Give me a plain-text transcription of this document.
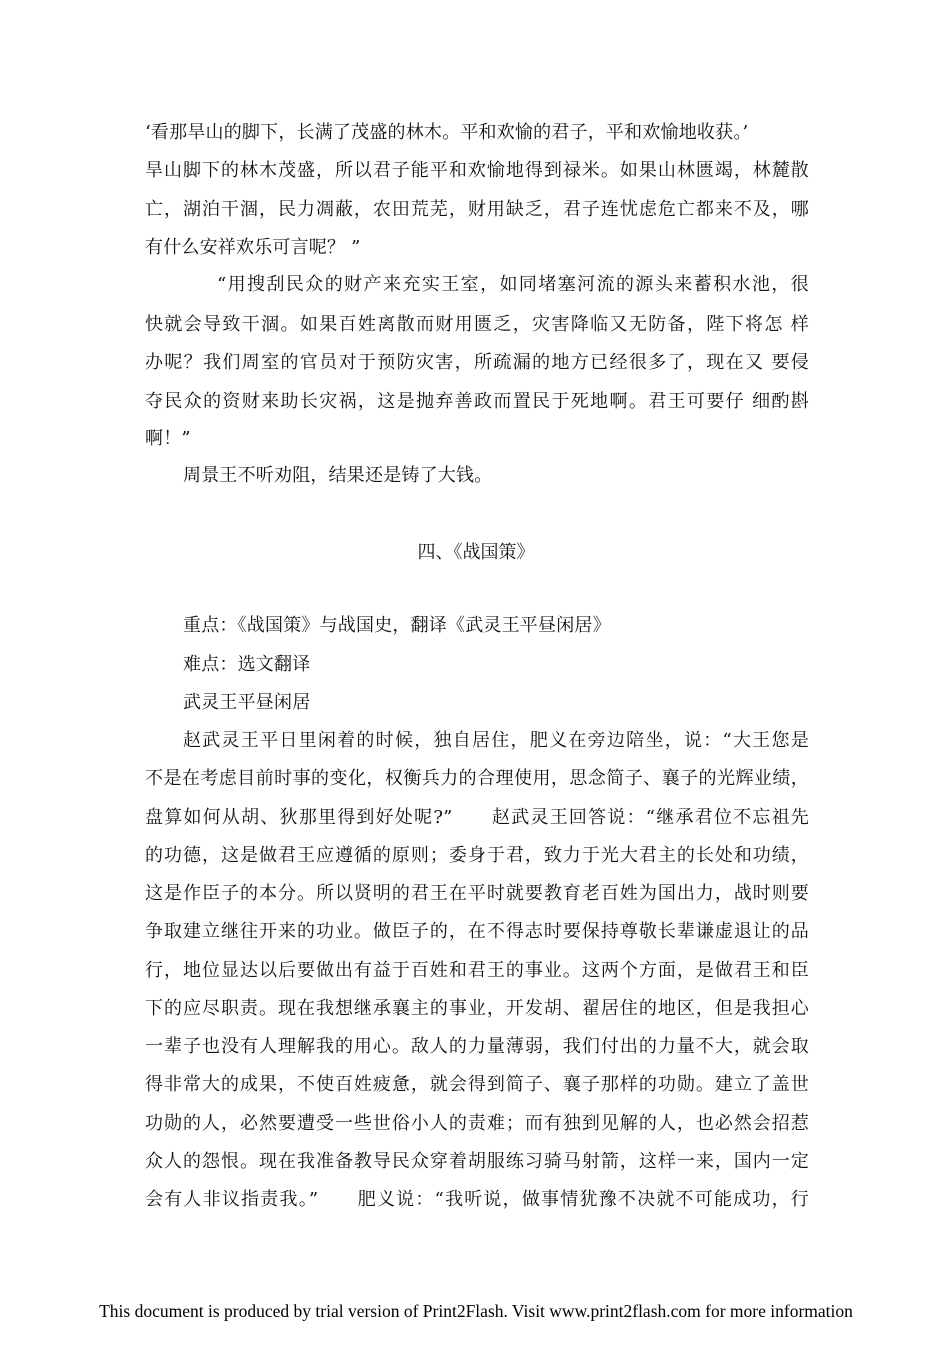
‘看那旱山的脚下，长满了茂盛的林木。平和欢愉的君子，平和欢愉地收获。’
旱山脚下的林木茂盛，所以君子能平和欢愉地得到禄米。如果山林匮竭，林麓散
亡，湖泊干涸，民力凋蔽，农田荒芜，财用缺乏，君子连忧虑危亡都来不及，哪
有什么安祥欢乐可言呢？ ”
“用搜刮民众的财产来充实王室，如同堵塞河流的源头来蓄积水池，很
快就会导致干涸。如果百姓离散而财用匮乏，灾害降临又无防备，陛下将怎 样
办呢？我们周室的官员对于预防灾害，所疏漏的地方已经很多了，现在又 要侵
夺民众的资财来助长灾祸，这是抛弃善政而置民于死地啊。君王可要仔 细酌斟
啊！”
周景王不听劝阻，结果还是铸了大钱。
四、《战国策》
重点：《战国策》与战国史，翻译《武灵王平昼闲居》
难点：选文翻译
武灵王平昼闲居
赵武灵王平日里闲着的时候，独自居住，肥义在旁边陪坐，说：“大王您是
不是在考虑目前时事的变化，权衡兵力的合理使用，思念简子、襄子的光辉业绩，
盘算如何从胡、狄那里得到好处呢?”　　赵武灵王回答说：“继承君位不忘祖先
的功德，这是做君王应遵循的原则；委身于君，致力于光大君主的长处和功绩，
这是作臣子的本分。所以贤明的君王在平时就要教育老百姓为国出力，战时则要
争取建立继往开来的功业。做臣子的，在不得志时要保持尊敬长辈谦虚退让的品
行，地位显达以后要做出有益于百姓和君王的事业。这两个方面，是做君王和臣
下的应尽职责。现在我想继承襄主的事业，开发胡、翟居住的地区，但是我担心
一辈子也没有人理解我的用心。敌人的力量薄弱，我们付出的力量不大，就会取
得非常大的成果，不使百姓疲惫，就会得到简子、襄子那样的功勋。建立了盖世
功勋的人，必然要遭受一些世俗小人的责难；而有独到见解的人，也必然会招惹
众人的怨恨。现在我准备教导民众穿着胡服练习骑马射箭，这样一来，国内一定
会有人非议指责我。”　　肥义说：“我听说，做事情犹豫不决就不可能成功，行
This document is produced by trial version of Print2Flash. Visit www.print2flash.com for more information
